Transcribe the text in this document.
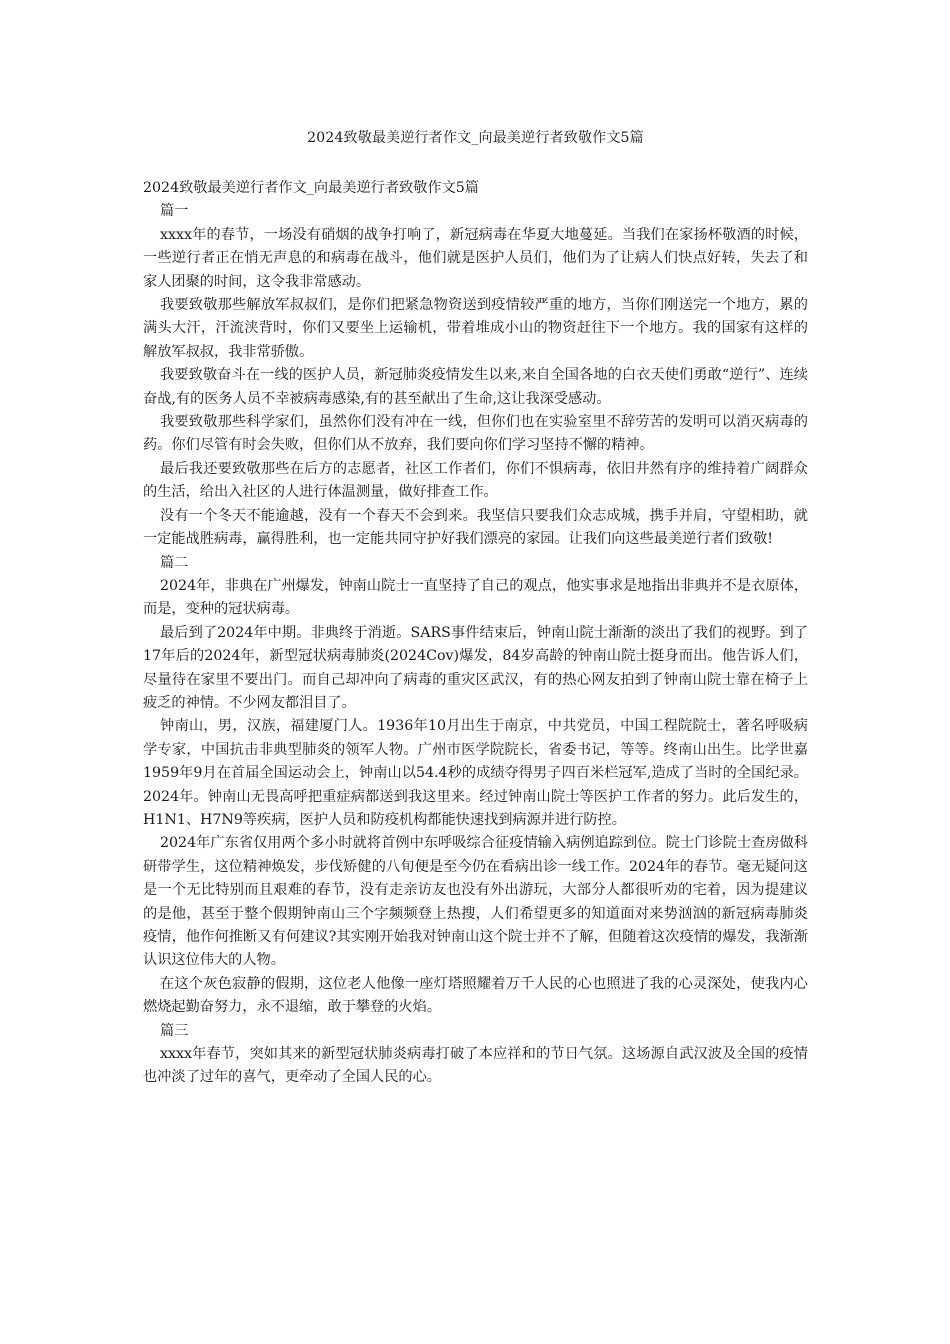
2024致敬最美逆行者作文_向最美逆行者致敬作文5篇

2024致敬最美逆行者作文_向最美逆行者致敬作文5篇

篇一

xxxx年的春节，一场没有硝烟的战争打响了，新冠病毒在华夏大地蔓延。当我们在家扬杯敬酒的时候，一些逆行者正在悄无声息的和病毒在战斗，他们就是医护人员们，他们为了让病人们快点好转，失去了和家人团聚的时间，这令我非常感动。

我要致敬那些解放军叔叔们，是你们把紧急物资送到疫情较严重的地方，当你们刚送完一个地方，累的满头大汗，汗流浃背时，你们又要坐上运输机，带着堆成小山的物资赶往下一个地方。我的国家有这样的解放军叔叔，我非常骄傲。

我要致敬奋斗在一线的医护人员，新冠肺炎疫情发生以来,来自全国各地的白衣天使们勇敢“逆行”、连续奋战,有的医务人员不幸被病毒感染,有的甚至献出了生命,这让我深受感动。

我要致敬那些科学家们，虽然你们没有冲在一线，但你们也在实验室里不辞劳苦的发明可以消灭病毒的药。你们尽管有时会失败，但你们从不放弃，我们要向你们学习坚持不懈的精神。

最后我还要致敬那些在后方的志愿者，社区工作者们，你们不惧病毒，依旧井然有序的维持着广阔群众的生活，给出入社区的人进行体温测量，做好排查工作。

没有一个冬天不能逾越，没有一个春天不会到来。我坚信只要我们众志成城，携手并肩，守望相助，就一定能战胜病毒，赢得胜利，也一定能共同守护好我们漂亮的家园。让我们向这些最美逆行者们致敬!

篇二

2024年，非典在广州爆发，钟南山院士一直坚持了自己的观点，他实事求是地指出非典并不是衣原体，而是，变种的冠状病毒。

最后到了2024年中期。非典终于消逝。SARS事件结束后，钟南山院士渐渐的淡出了我们的视野。到了17年后的2024年，新型冠状病毒肺炎(2024Cov)爆发，84岁高龄的钟南山院士挺身而出。他告诉人们，尽量待在家里不要出门。而自己却冲向了病毒的重灾区武汉，有的热心网友拍到了钟南山院士靠在椅子上疲乏的神情。不少网友都泪目了。

钟南山，男，汉族，福建厦门人。1936年10月出生于南京，中共党员，中国工程院院士，著名呼吸病学专家，中国抗击非典型肺炎的领军人物。广州市医学院院长，省委书记，等等。终南山出生。比学世嘉1959年9月在首届全国运动会上，钟南山以54.4秒的成绩夺得男子四百米栏冠军,造成了当时的全国纪录。2024年。钟南山无畏高呼把重症病都送到我这里来。经过钟南山院士等医护工作者的努力。此后发生的，H1N1、H7N9等疾病，医护人员和防疫机构都能快速找到病源并进行防控。

2024年广东省仅用两个多小时就将首例中东呼吸综合征疫情输入病例追踪到位。院士门诊院士查房做科研带学生，这位精神焕发，步伐矫健的八旬便是至今仍在看病出诊一线工作。2024年的春节。毫无疑问这是一个无比特别而且艰难的春节，没有走亲访友也没有外出游玩，大部分人都很听劝的宅着，因为提建议的是他，甚至于整个假期钟南山三个字频频登上热搜，人们希望更多的知道面对来势汹汹的新冠病毒肺炎疫情，他作何推断又有何建议?其实刚开始我对钟南山这个院士并不了解，但随着这次疫情的爆发，我渐渐认识这位伟大的人物。

在这个灰色寂静的假期，这位老人他像一座灯塔照耀着万千人民的心也照进了我的心灵深处，使我内心燃烧起勤奋努力，永不退缩，敢于攀登的火焰。

篇三

xxxx年春节，突如其来的新型冠状肺炎病毒打破了本应祥和的节日气氛。这场源自武汉波及全国的疫情也冲淡了过年的喜气，更牵动了全国人民的心。
